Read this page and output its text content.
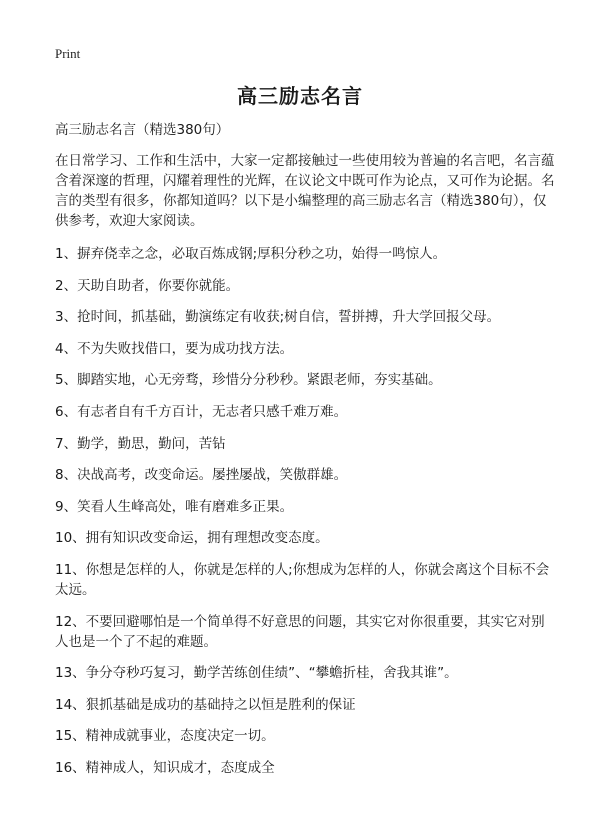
Print
高三励志名言

高三励志名言（精选380句）

在日常学习、工作和生活中，大家一定都接触过一些使用较为普遍的名言吧，名言蕴含着深邃的哲理，闪耀着理性的光辉，在议论文中既可作为论点，又可作为论据。名言的类型有很多，你都知道吗？以下是小编整理的高三励志名言（精选380句），仅供参考，欢迎大家阅读。

1、摒弃侥幸之念，必取百炼成钢;厚积分秒之功，始得一鸣惊人。

2、天助自助者，你要你就能。

3、抢时间，抓基础，勤演练定有收获;树自信，誓拼搏，升大学回报父母。

4、不为失败找借口，要为成功找方法。

5、脚踏实地，心无旁骛，珍惜分分秒秒。紧跟老师，夯实基础。

6、有志者自有千方百计，无志者只感千难万难。

7、勤学，勤思，勤问，苦钻

8、决战高考，改变命运。屡挫屡战，笑傲群雄。

9、笑看人生峰高处，唯有磨难多正果。

10、拥有知识改变命运，拥有理想改变态度。

11、你想是怎样的人，你就是怎样的人;你想成为怎样的人，你就会离这个目标不会太远。

12、不要回避哪怕是一个简单得不好意思的问题，其实它对你很重要，其实它对别人也是一个了不起的难题。

13、争分夺秒巧复习，勤学苦练创佳绩”、“攀蟾折桂，舍我其谁”。

14、狠抓基础是成功的基础持之以恒是胜利的保证

15、精神成就事业，态度决定一切。

16、精神成人，知识成才，态度成全
